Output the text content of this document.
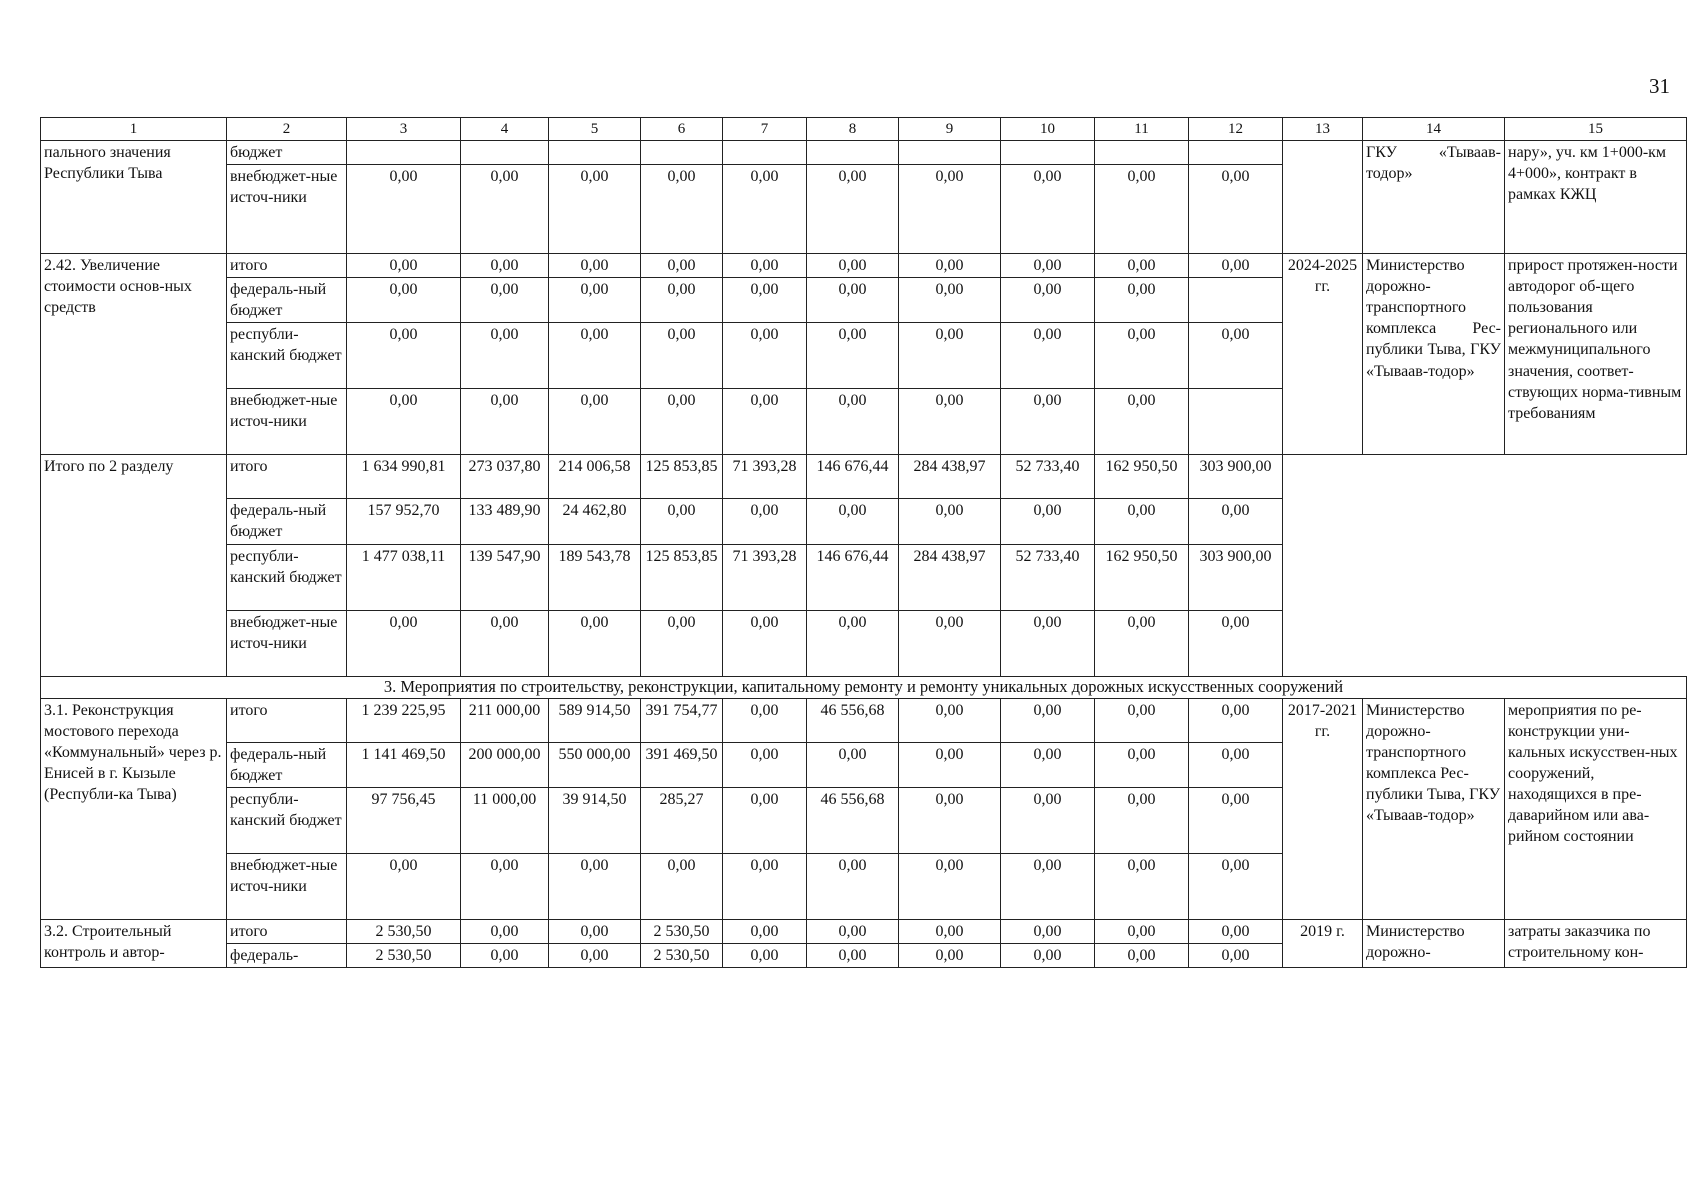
31
1	2	3	4	5	6	7	8	9	10	11	12	13	14	15
пального значения Республики Тыва	бюджет												ГКУ «Тываав-тодор»	нару», уч. км 1+000-км 4+000», контракт в рамках КЖЦ
	внебюджет-ные источ-ники	0,00	0,00	0,00	0,00	0,00	0,00	0,00	0,00	0,00	0,00			
2.42. Увеличение стоимости основ-ных средств	итого	0,00	0,00	0,00	0,00	0,00	0,00	0,00	0,00	0,00	0,00	2024-2025 гг.	Министерство дорожно-транспортного комплекса Рес-публики Тыва, ГКУ «Тываав-тодор»	прирост протяжен-ности автодорог об-щего пользования регионального или межмуниципального значения, соответ-ствующих норма-тивным требованиям
	федераль-ный бюджет	0,00	0,00	0,00	0,00	0,00	0,00	0,00	0,00	0,00				
	республи-канский бюджет	0,00	0,00	0,00	0,00	0,00	0,00	0,00	0,00	0,00	0,00			
	внебюджет-ные источ-ники	0,00	0,00	0,00	0,00	0,00	0,00	0,00	0,00	0,00				
Итого по 2 разделу	итого	1 634 990,81	273 037,80	214 006,58	125 853,85	71 393,28	146 676,44	284 438,97	52 733,40	162 950,50	303 900,00			
	федераль-ный бюджет	157 952,70	133 489,90	24 462,80	0,00	0,00	0,00	0,00	0,00	0,00	0,00			
	республи-канский бюджет	1 477 038,11	139 547,90	189 543,78	125 853,85	71 393,28	146 676,44	284 438,97	52 733,40	162 950,50	303 900,00			
	внебюджет-ные источ-ники	0,00	0,00	0,00	0,00	0,00	0,00	0,00	0,00	0,00	0,00			
3. Мероприятия по строительству, реконструкции, капитальному ремонту и ремонту уникальных дорожных искусственных сооружений														
3.1. Реконструкция мостового перехода «Коммунальный» через р. Енисей в г. Кызыле (Республи-ка Тыва)	итого	1 239 225,95	211 000,00	589 914,50	391 754,77	0,00	46 556,68	0,00	0,00	0,00	0,00	2017-2021 гг.	Министерство дорожно-транспортного комплекса Рес-публики Тыва, ГКУ «Тываав-тодор»	мероприятия по ре-конструкции уни-кальных искусствен-ных сооружений, находящихся в пре-даварийном или ава-рийном состоянии
	федераль-ный бюджет	1 141 469,50	200 000,00	550 000,00	391 469,50	0,00	0,00	0,00	0,00	0,00	0,00			
	республи-канский бюджет	97 756,45	11 000,00	39 914,50	285,27	0,00	46 556,68	0,00	0,00	0,00	0,00			
	внебюджет-ные источ-ники	0,00	0,00	0,00	0,00	0,00	0,00	0,00	0,00	0,00	0,00			
3.2. Строительный контроль и автор-	итого	2 530,50	0,00	0,00	2 530,50	0,00	0,00	0,00	0,00	0,00	0,00	2019 г.	Министерство дорожно-	затраты заказчика по строительному кон-
	федераль-	2 530,50	0,00	0,00	2 530,50	0,00	0,00	0,00	0,00	0,00	0,00			
